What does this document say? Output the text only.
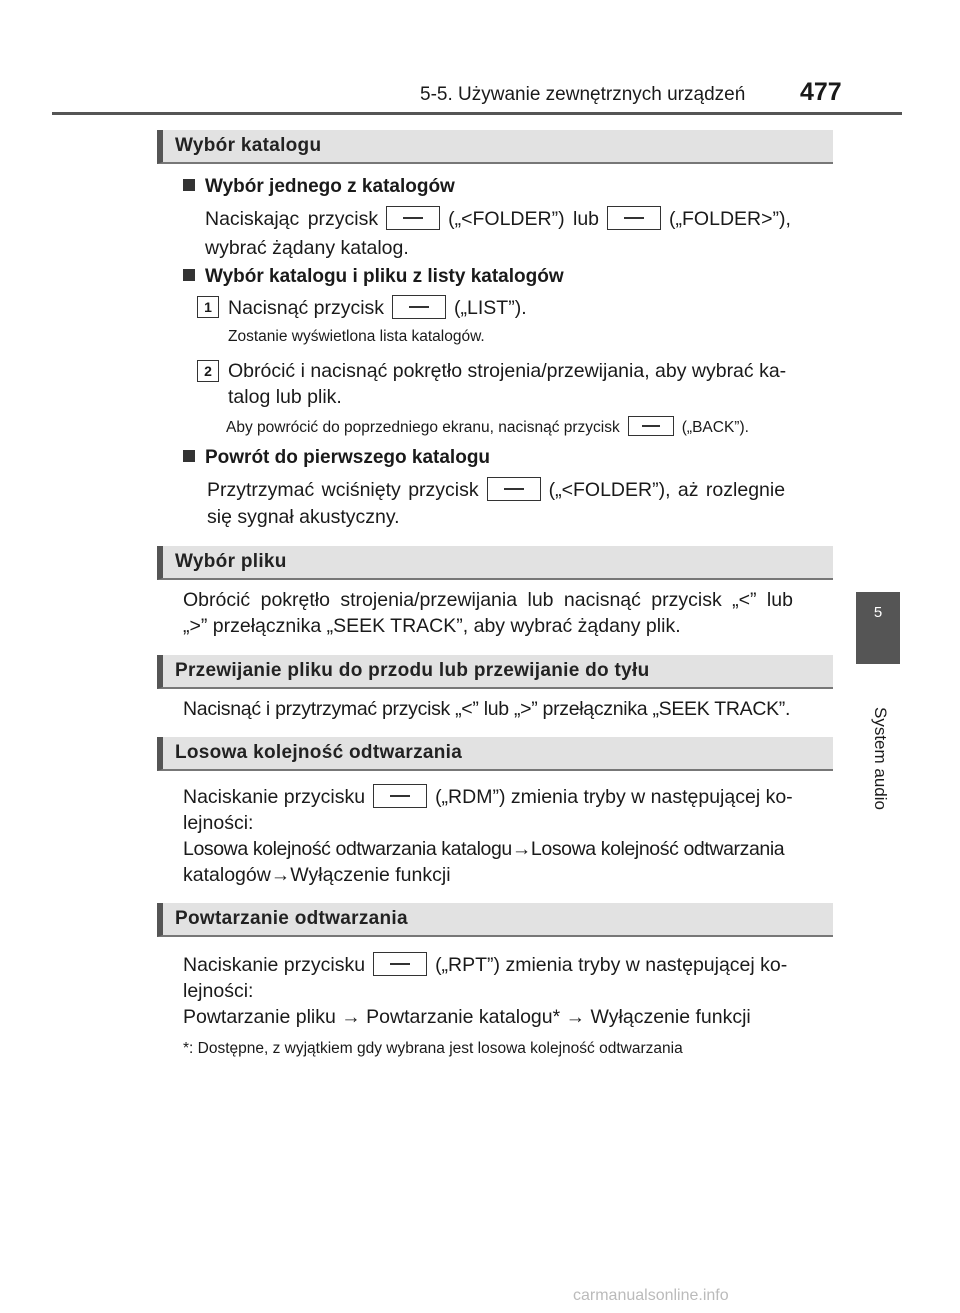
5-5. Używanie zewnętrznych urządzeń 477
5
System audio
Wybór katalogu
Wybór jednego z katalogów
Naciskając przycisk	(„<FOLDER”) lub	(„FOLDER>”),
wybrać żądany katalog.
Wybór katalogu i pliku z listy katalogów
1 Nacisnąć przycisk	(„LIST”).
Zostanie wyświetlona lista katalogów.
2 Obrócić i nacisnąć pokrętło strojenia/przewijania, aby wybrać ka-
talog lub plik.
Aby powrócić do poprzedniego ekranu, nacisnąć przycisk	(„BACK”).
Powrót do pierwszego katalogu
Przytrzymać wciśnięty przycisk	(„<FOLDER”), aż rozlegnie
się sygnał akustyczny.
Wybór pliku
Obrócić pokrętło strojenia/przewijania lub nacisnąć przycisk „<” lub
„>” przełącznika „SEEK TRACK”, aby wybrać żądany plik.
Przewijanie pliku do przodu lub przewijanie do tyłu
Nacisnąć i przytrzymać przycisk „<” lub „>” przełącznika „SEEK TRACK”.
Losowa kolejność odtwarzania
Naciskanie przycisku	(„RDM”) zmienia tryby w następującej ko-
lejności:
Losowa kolejność odtwarzania katalogu→Losowa kolejność odtwarzania
katalogów→Wyłączenie funkcji
Powtarzanie odtwarzania
Naciskanie przycisku	(„RPT”) zmienia tryby w następującej ko-
lejności:
Powtarzanie pliku → Powtarzanie katalogu* → Wyłączenie funkcji
*: Dostępne, z wyjątkiem gdy wybrana jest losowa kolejność odtwarzania
carmanualsonline.info
